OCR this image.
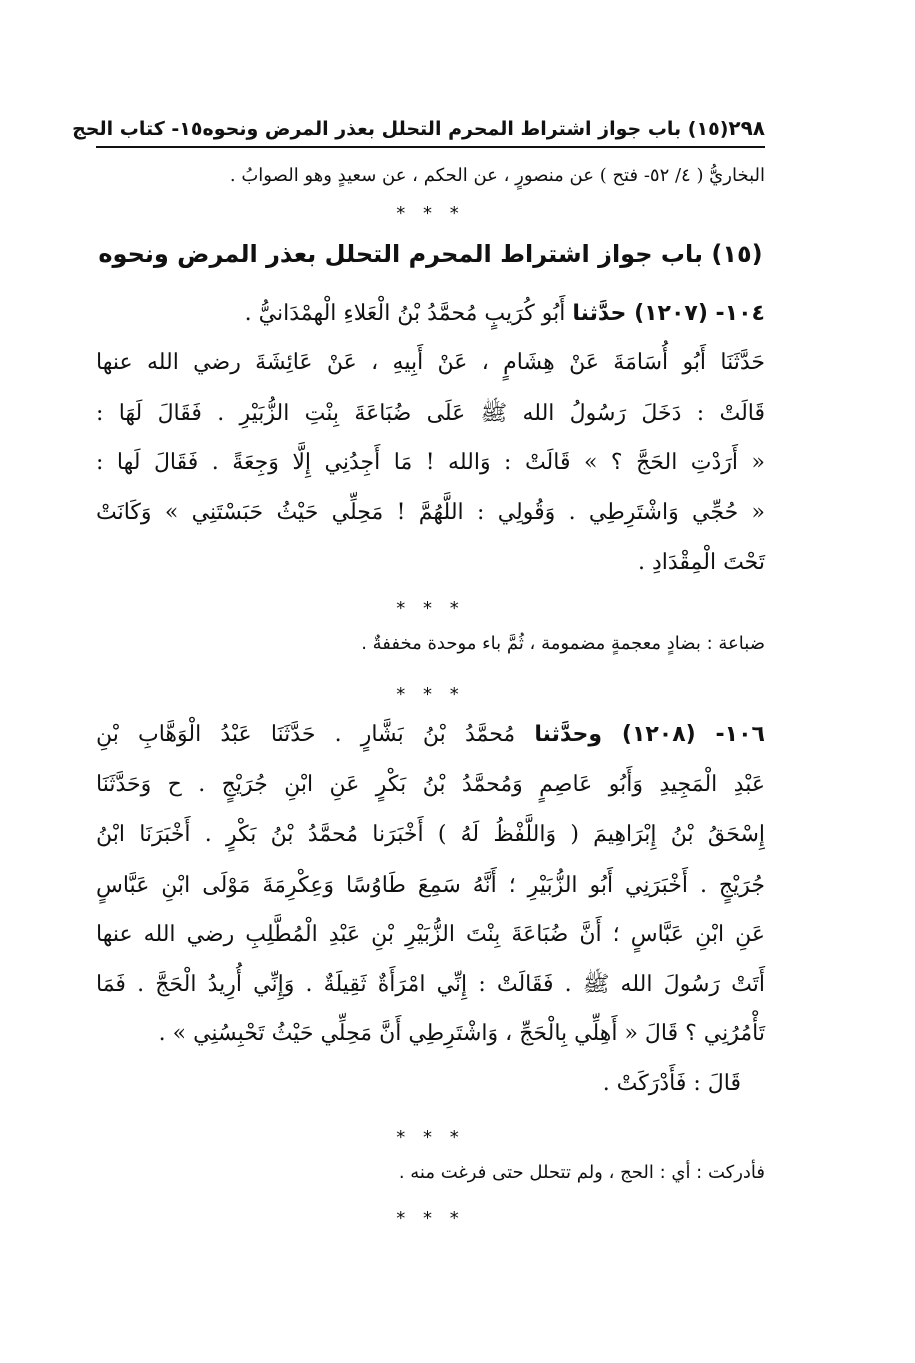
٢٩٨
(١٥) باب جواز اشتراط المحرم التحلل بعذر المرض ونحوه
١٥- كتاب الحج
البخاريُّ ( ٤/ ٥٢- فتح ) عن منصورٍ ، عن الحكم ، عن سعيدٍ وهو الصوابُ .
* * *
(١٥) باب جواز اشتراط المحرم التحلل بعذر المرض ونحوه
١٠٤- (١٢٠٧) حدَّثنا أَبُو كُرَيبٍ مُحمَّدُ بْنُ الْعَلاءِ الْهمْدَانيُّ .
حَدَّثَنَا أَبُو أُسَامَةَ عَنْ هِشَامٍ ، عَنْ أَبِيهِ ، عَنْ عَائِشَةَ رضي الله عنها
قَالَتْ : دَخَلَ رَسُولُ الله ﷺ عَلَى ضُبَاعَةَ بِنْتِ الزُّبَيْرِ . فَقَالَ لَهَا :
« أَرَدْتِ الحَجَّ ؟ » قَالَتْ : وَالله ! مَا أَجِدُنِي إِلَّا وَجِعَةً . فَقَالَ لَها :
« حُجِّي وَاشْتَرِطِي . وَقُولِي : اللَّهُمَّ ! مَحِلِّي حَيْثُ حَبَسْتَنِي » وَكَانَتْ
تَحْتَ الْمِقْدَادِ .
* * *
ضباعة : بضادٍ معجمةٍ مضمومة ، ثُمَّ باء موحدة مخففةٌ .
* * *
١٠٦- (١٢٠٨) وحدَّثنا مُحمَّدُ بْنُ بَشَّارٍ . حَدَّثَنَا عَبْدُ الْوَهَّابِ بْنِ
عَبْدِ الْمَجِيدِ وَأَبُو عَاصِمٍ وَمُحمَّدُ بْنُ بَكْرٍ عَنِ ابْنِ جُرَيْجٍ . ح وَحَدَّثَنَا
إِسْحَقُ بْنُ إِبْرَاهِيمَ ( وَاللَّفْظُ لَهُ ) أَخْبَرَنا مُحمَّدُ بْنُ بَكْرٍ . أَخْبَرَنَا ابْنُ
جُرَيْجٍ . أَخْبَرَنِي أَبُو الزُّبَيْرِ ؛ أَنَّهُ سَمِعَ طَاوُسًا وَعِكْرِمَةَ مَوْلَى ابْنِ عَبَّاسٍ
عَنِ ابْنِ عَبَّاسٍ ؛ أَنَّ ضُبَاعَةَ بِنْتَ الزُّبَيْرِ بْنِ عَبْدِ الْمُطَّلِبِ رضي الله عنها
أَتَتْ رَسُولَ الله ﷺ . فَقَالَتْ : إِنِّي امْرَأَةٌ ثَقِيلَةٌ . وَإِنِّي أُرِيدُ الْحَجَّ . فَمَا
تَأْمُرُنِي ؟ قَالَ « أَهِلِّي بِالْحَجِّ ، وَاشْتَرِطِي أَنَّ مَحِلِّي حَيْثُ تَحْبِسُنِي » .
قَالَ : فَأَدْرَكَتْ .
* * *
فأدركت : أي : الحج ، ولم تتحلل حتى فرغت منه .
* * *
